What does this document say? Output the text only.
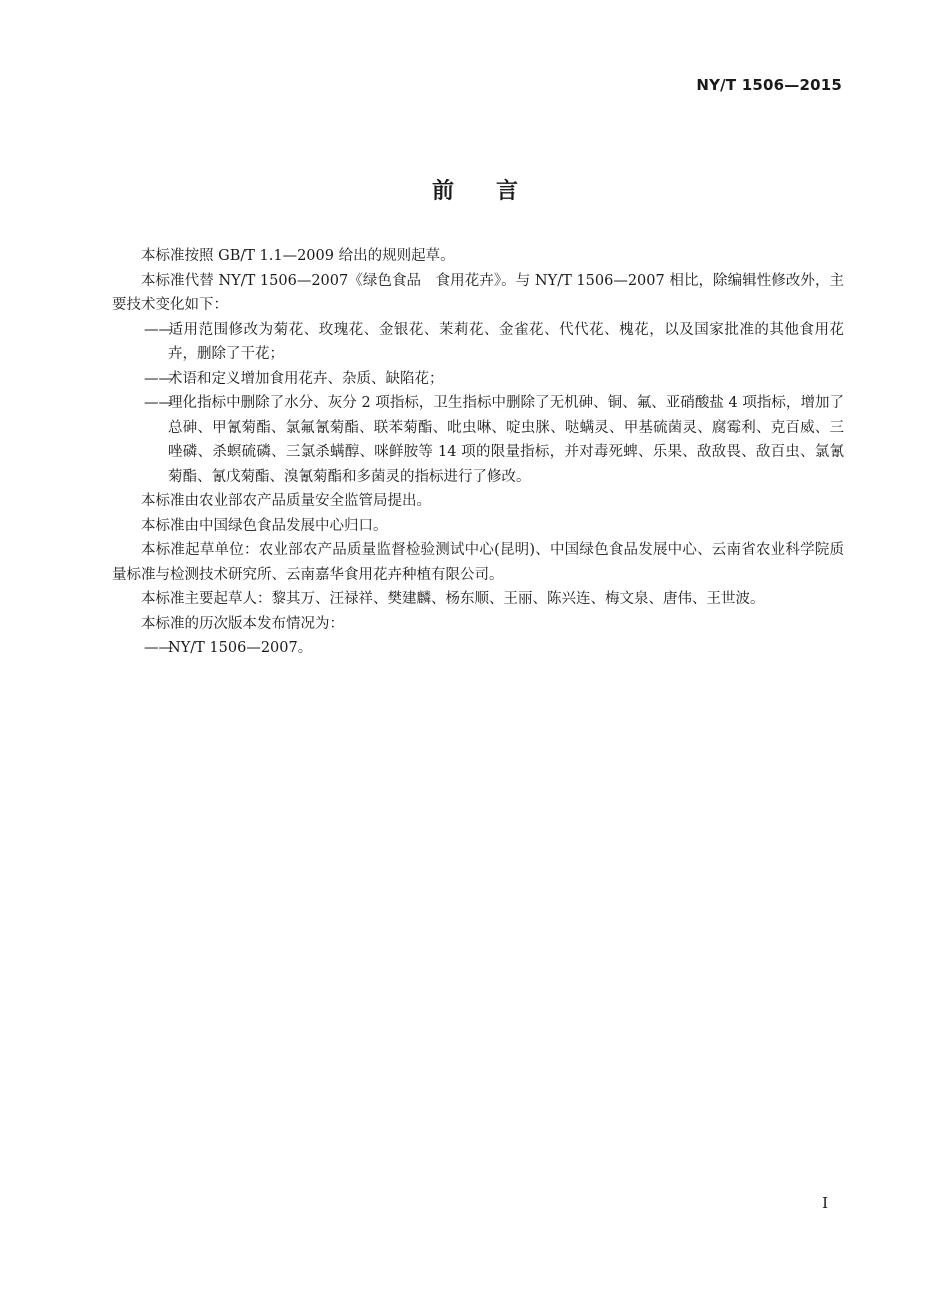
NY/T 1506—2015
前言

本标准按照 GB/T 1.1—2009 给出的规则起草。

本标准代替 NY/T 1506—2007《绿色食品　食用花卉》。与 NY/T 1506—2007 相比，除编辑性修改外，主要技术变化如下：

——适用范围修改为菊花、玫瑰花、金银花、茉莉花、金雀花、代代花、槐花，以及国家批准的其他食用花卉，删除了干花；

——术语和定义增加食用花卉、杂质、缺陷花；

——理化指标中删除了水分、灰分 2 项指标，卫生指标中删除了无机砷、铜、氟、亚硝酸盐 4 项指标，增加了总砷、甲氰菊酯、氯氟氰菊酯、联苯菊酯、吡虫啉、啶虫脒、哒螨灵、甲基硫菌灵、腐霉利、克百威、三唑磷、杀螟硫磷、三氯杀螨醇、咪鲜胺等 14 项的限量指标，并对毒死蜱、乐果、敌敌畏、敌百虫、氯氰菊酯、氰戊菊酯、溴氰菊酯和多菌灵的指标进行了修改。

本标准由农业部农产品质量安全监管局提出。

本标准由中国绿色食品发展中心归口。

本标准起草单位：农业部农产品质量监督检验测试中心(昆明)、中国绿色食品发展中心、云南省农业科学院质量标准与检测技术研究所、云南嘉华食用花卉种植有限公司。

本标准主要起草人：黎其万、汪禄祥、樊建麟、杨东顺、王丽、陈兴连、梅文泉、唐伟、王世波。

本标准的历次版本发布情况为：

——NY/T 1506—2007。

I
